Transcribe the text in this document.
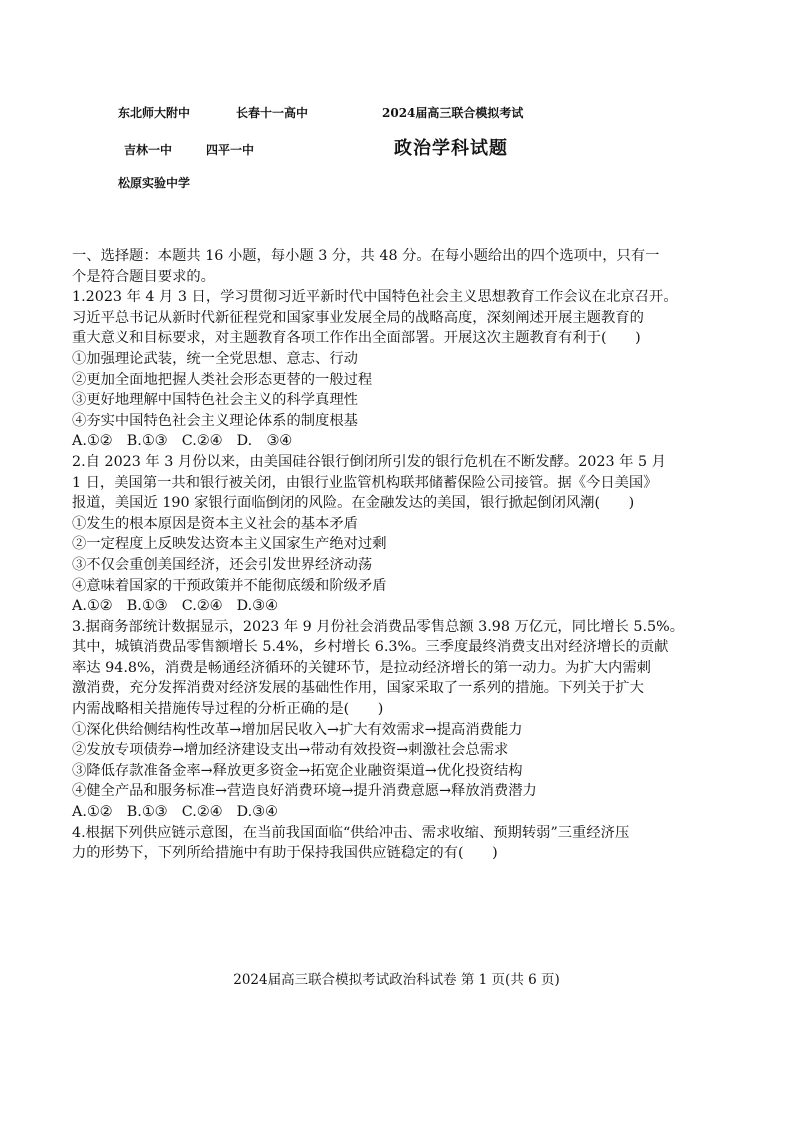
东北师大附中	长春十一高中	2024届高三联合模拟考试
吉林一中	四平一中	政治学科试题
松原实验中学

一、选择题：本题共 16 小题，每小题 3 分，共 48 分。在每小题给出的四个选项中，只有一

个是符合题目要求的。

1.2023 年 4 月 3 日，学习贯彻习近平新时代中国特色社会主义思想教育工作会议在北京召开。

习近平总书记从新时代新征程党和国家事业发展全局的战略高度，深刻阐述开展主题教育的

重大意义和目标要求，对主题教育各项工作作出全面部署。开展这次主题教育有利于(　　)

①加强理论武装，统一全党思想、意志、行动

②更加全面地把握人类社会形态更替的一般过程

③更好地理解中国特色社会主义的科学真理性

④夯实中国特色社会主义理论体系的制度根基

A.①②　B.①③　C.②④　D.　③④

2.自 2023 年 3 月份以来，由美国硅谷银行倒闭所引发的银行危机在不断发酵。2023 年 5 月

1 日，美国第一共和银行被关闭，由银行业监管机构联邦储蓄保险公司接管。据《今日美国》

报道，美国近 190 家银行面临倒闭的风险。在金融发达的美国，银行掀起倒闭风潮(　　)

①发生的根本原因是资本主义社会的基本矛盾

②一定程度上反映发达资本主义国家生产绝对过剩

③不仅会重创美国经济，还会引发世界经济动荡

④意味着国家的干预政策并不能彻底缓和阶级矛盾

A.①②　B.①③　C.②④　D.③④

3.据商务部统计数据显示，2023 年 9 月份社会消费品零售总额 3.98 万亿元，同比增长 5.5%。

其中，城镇消费品零售额增长 5.4%，乡村增长 6.3%。三季度最终消费支出对经济增长的贡献

率达 94.8%，消费是畅通经济循环的关键环节，是拉动经济增长的第一动力。为扩大内需刺

激消费，充分发挥消费对经济发展的基础性作用，国家采取了一系列的措施。下列关于扩大

内需战略相关措施传导过程的分析正确的是(　　)

①深化供给侧结构性改革→增加居民收入→扩大有效需求→提高消费能力

②发放专项债券→增加经济建设支出→带动有效投资→刺激社会总需求

③降低存款准备金率→释放更多资金→拓宽企业融资渠道→优化投资结构

④健全产品和服务标准→营造良好消费环境→提升消费意愿→释放消费潜力

A.①②　B.①③　C.②④　D.③④

4.根据下列供应链示意图，在当前我国面临“供给冲击、需求收缩、预期转弱”三重经济压

力的形势下，下列所给措施中有助于保持我国供应链稳定的有(　　)

2024届高三联合模拟考试政治科试卷 第 1 页(共 6 页)
